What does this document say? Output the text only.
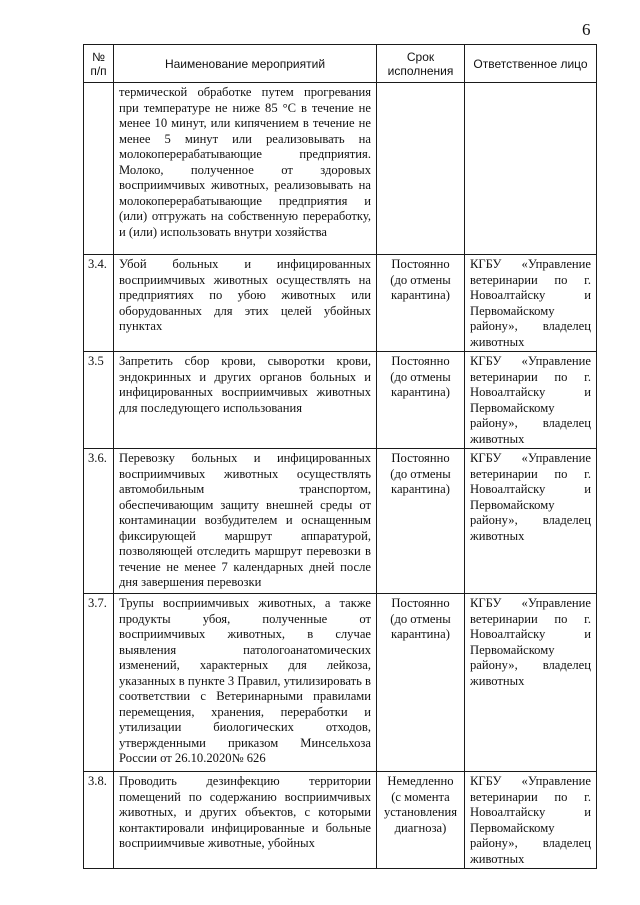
6
№ п/п	Наименование мероприятий	Срок исполнения	Ответственное лицо
	термической обработке путем прогревания при температуре не ниже 85 °С в течение не менее 10 минут, или кипячением в течение не менее 5 минут или реализовывать на молокоперерабатывающие предприятия. Молоко, полученное от здоровых восприимчивых животных, реализовывать на молокоперерабатывающие предприятия и (или) отгружать на собственную переработку, и (или) использовать внутри хозяйства		
3.4.	Убой больных и инфицированных восприимчивых животных осуществлять на предприятиях по убою животных или оборудованных для этих целей убойных пунктах	Постоянно (до отмены карантина)	КГБУ «Управление ветеринарии по г. Новоалтайску и Первомайскому району», владелец животных
3.5	Запретить сбор крови, сыворотки крови, эндокринных и других органов больных и инфицированных восприимчивых животных для последующего использования	Постоянно (до отмены карантина)	КГБУ «Управление ветеринарии по г. Новоалтайску и Первомайскому району», владелец животных
3.6.	Перевозку больных и инфицированных восприимчивых животных осуществлять автомобильным транспортом, обеспечивающим защиту внешней среды от контаминации возбудителем и оснащенным фиксирующей маршрут аппаратурой, позволяющей отследить маршрут перевозки в течение не менее 7 календарных дней после дня завершения перевозки	Постоянно (до отмены карантина)	КГБУ «Управление ветеринарии по г. Новоалтайску и Первомайскому району», владелец животных
3.7.	Трупы восприимчивых животных, а также продукты убоя, полученные от восприимчивых животных, в случае выявления патологоанатомических изменений, характерных для лейкоза, указанных в пункте 3 Правил, утилизировать в соответствии с Ветеринарными правилами перемещения, хранения, переработки и утилизации биологических отходов, утвержденными приказом Минсельхоза России от 26.10.2020№ 626	Постоянно (до отмены карантина)	КГБУ «Управление ветеринарии по г. Новоалтайску и Первомайскому району», владелец животных
3.8.	Проводить дезинфекцию территории помещений по содержанию восприимчивых животных, и других объектов, с которыми контактировали инфицированные и больные восприимчивые животные, убойных	Немедленно (с момента установления диагноза)	КГБУ «Управление ветеринарии по г. Новоалтайску и Первомайскому району», владелец животных
